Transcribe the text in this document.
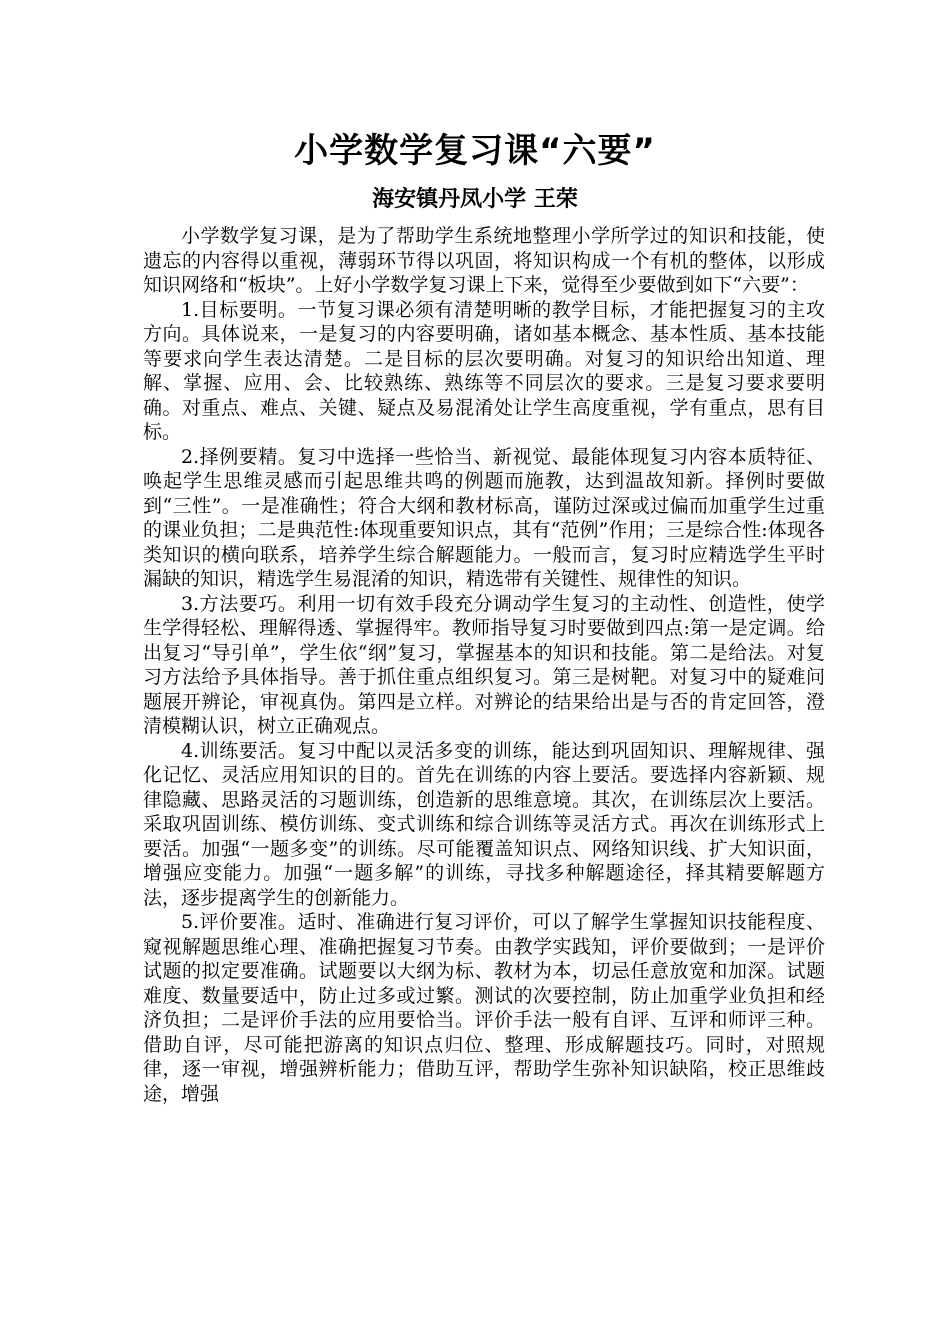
小学数学复习课“六要”
海安镇丹凤小学 王荣

小学数学复习课，是为了帮助学生系统地整理小学所学过的知识和技能，使遗忘的内容得以重视，薄弱环节得以巩固，将知识构成一个有机的整体，以形成知识网络和“板块”。上好小学数学复习课上下来，觉得至少要做到如下“六要”：

1.目标要明。一节复习课必须有清楚明晰的教学目标，才能把握复习的主攻方向。具体说来，一是复习的内容要明确，诸如基本概念、基本性质、基本技能等要求向学生表达清楚。二是目标的层次要明确。对复习的知识给出知道、理解、掌握、应用、会、比较熟练、熟练等不同层次的要求。三是复习要求要明确。对重点、难点、关键、疑点及易混淆处让学生高度重视，学有重点，思有目标。

2.择例要精。复习中选择一些恰当、新视觉、最能体现复习内容本质特征、唤起学生思维灵感而引起思维共鸣的例题而施教，达到温故知新。择例时要做到“三性”。一是准确性；符合大纲和教材标高，谨防过深或过偏而加重学生过重的课业负担；二是典范性:体现重要知识点，其有“范例”作用；三是综合性:体现各类知识的横向联系，培养学生综合解题能力。一般而言，复习时应精选学生平时漏缺的知识，精选学生易混淆的知识，精选带有关键性、规律性的知识。

3.方法要巧。利用一切有效手段充分调动学生复习的主动性、创造性，使学生学得轻松、理解得透、掌握得牢。教师指导复习时要做到四点:第一是定调。给出复习“导引单”，学生依“纲”复习，掌握基本的知识和技能。第二是给法。对复习方法给予具体指导。善于抓住重点组织复习。第三是树靶。对复习中的疑难问题展开辨论，审视真伪。第四是立样。对辨论的结果给出是与否的肯定回答，澄清模糊认识，树立正确观点。

4.训练要活。复习中配以灵活多变的训练，能达到巩固知识、理解规律、强化记忆、灵活应用知识的目的。首先在训练的内容上要活。要选择内容新颖、规律隐藏、思路灵活的习题训练，创造新的思维意境。其次，在训练层次上要活。采取巩固训练、模仿训练、变式训练和综合训练等灵活方式。再次在训练形式上要活。加强“一题多变”的训练。尽可能覆盖知识点、网络知识线、扩大知识面，增强应变能力。加强“一题多解”的训练，寻找多种解题途径，择其精要解题方法，逐步提离学生的创新能力。

5.评价要准。适时、准确进行复习评价，可以了解学生掌握知识技能程度、窥视解题思维心理、准确把握复习节奏。由教学实践知，评价要做到；一是评价试题的拟定要准确。试题要以大纲为标、教材为本，切忌任意放宽和加深。试题难度、数量要适中，防止过多或过繁。测试的次要控制，防止加重学业负担和经济负担；二是评价手法的应用要恰当。评价手法一般有自评、互评和师评三种。借助自评，尽可能把游离的知识点归位、整理、形成解题技巧。同时，对照规律，逐一审视，增强辨析能力；借助互评，帮助学生弥补知识缺陷，校正思维歧途，增强
